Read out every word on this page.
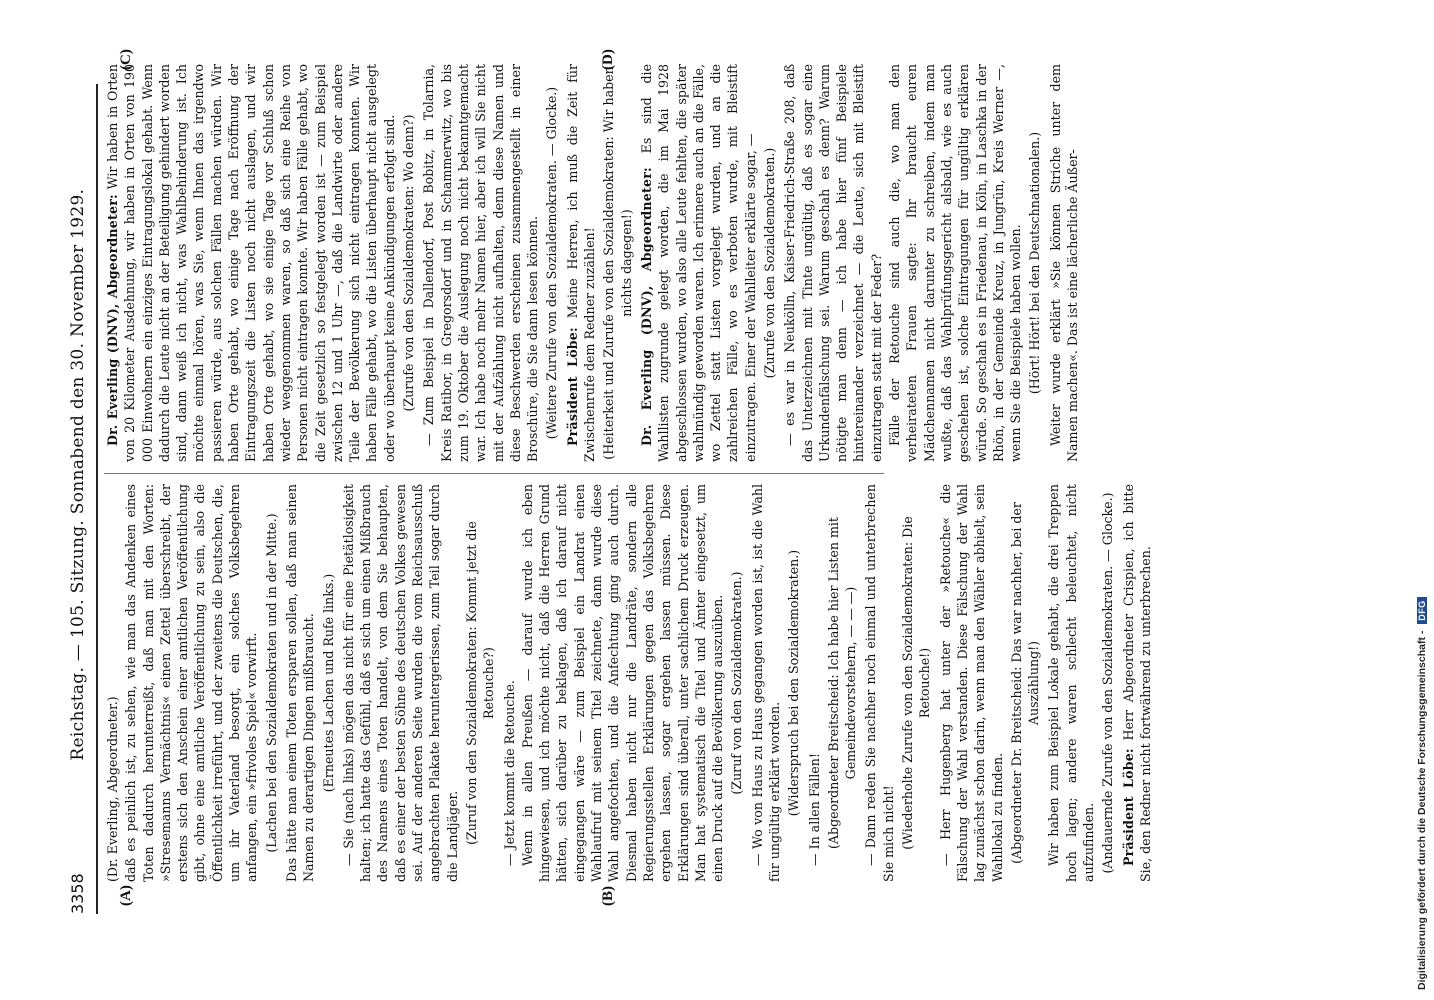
3358
Reichstag. — 105. Sitzung. Sonnabend den 30. November 1929.
(A)	(B)
(C)	(D)

(Dr. Everling, Abgeordneter.) daß es peinlich ist, zu sehen, wie man das Andenken eines Toten dadurch herunterreißt, daß man mit den Worten: »Stresemanns Vermächtnis« einen Zettel überschreibt, der erstens sich den Anschein einer amtlichen Veröffentlichung gibt, ohne eine amtliche Veröffentlichung zu sein, also die Öffentlichkeit irreführt, und der zweitens die Deutschen, die, um ihr Vaterland besorgt, ein solches Volksbegehren anfangen, ein »frivoles Spiel« vorwirft. (Lachen bei den Sozialdemokraten und in der Mitte.) Das hätte man einem Toten ersparen sollen, daß man seinen Namen zu derartigen Dingen mißbraucht. (Erneutes Lachen und Rufe links.) — Sie (nach links) mögen das nicht für eine Pietätlosigkeit halten; ich hatte das Gefühl, daß es sich um einen Mißbrauch des Namens eines Toten handelt, von dem Sie behaupten, daß es einer der besten Söhne des deutschen Volkes gewesen sei. Auf der anderen Seite wurden die vom Reichsausschuß angebrachten Plakate heruntergerissen, zum Teil sogar durch die Landjäger. (Zuruf von den Sozialdemokraten: Kommt jetzt die Retouche?) — Jetzt kommt die Retouche. Wenn in allen Preußen — darauf wurde ich eben hingewiesen, und ich möchte nicht, daß die Herren Grund hätten, sich darüber zu beklagen, daß ich darauf nicht eingegangen wäre — zum Beispiel ein Landrat einen Wahlaufruf mit seinem Titel zeichnete, dann wurde diese Wahl angefochten, und die Anfechtung ging auch durch. Diesmal haben nicht nur die Landräte, sondern alle Regierungsstellen Erklärungen gegen das Volksbegehren ergehen lassen, sogar ergehen lassen müssen. Diese Erklärungen sind überall, unter sachlichem Druck erzeugen. Man hat systematisch die Titel und Ämter eingesetzt, um einen Druck auf die Bevölkerung auszuüben. (Zuruf von den Sozialdemokraten.) — Wo von Haus zu Haus gegangen worden ist, ist die Wahl für ungültig erklärt worden. (Widerspruch bei den Sozialdemokraten.) — In allen Fällen! (Abgeordneter Breitscheid: Ich habe hier Listen mit Gemeindevorstehern, — — —) — Dann reden Sie nachher noch einmal und unterbrechen Sie mich nicht! (Wiederholte Zurufe von den Sozialdemokraten: Die Retouche!) — Herr Hugenberg hat unter der »Retouche« die Fälschung der Wahl verstanden. Diese Fälschung der Wahl lag zunächst schon darin, wenn man den Wähler abhielt, sein Wahllokal zu finden. (Abgeordneter Dr. Breitscheid: Das war nachher, bei der Auszählung!) Wir haben zum Beispiel Lokale gehabt, die drei Treppen hoch lagen; andere waren schlecht beleuchtet, nicht aufzufinden. (Andauernde Zurufe von den Sozialdemokraten. — Glocke.) Präsident Löbe: Herr Abgeordneter Crispien, ich bitte Sie, den Redner nicht fortwährend zu unterbrechen.

Dr. Everling (DNV), Abgeordneter: Wir haben in Orten von 20 Kilometer Ausdehnung, wir haben in Orten von 190 000 Einwohnern ein einziges Eintragungslokal gehabt. Wenn dadurch die Leute nicht an der Beteiligung gehindert worden sind, dann weiß ich nicht, was Wahlbehinderung ist. Ich möchte einmal hören, was Sie, wenn Ihnen das irgendwo passieren würde, aus solchen Fällen machen würden. Wir haben Orte gehabt, wo einige Tage nach Eröffnung der Eintragungszeit die Listen noch nicht auslagen, und wir haben Orte gehabt, wo sie einige Tage vor Schluß schon wieder weggenommen waren, so daß sich eine Reihe von Personen nicht eintragen konnte. Wir haben Fälle gehabt, wo die Zeit gesetzlich so festgelegt worden ist — zum Beispiel zwischen 12 und 1 Uhr —, daß die Landwirte oder andere Teile der Bevölkerung sich nicht eintragen konnten. Wir haben Fälle gehabt, wo die Listen überhaupt nicht ausgelegt oder wo überhaupt keine Ankündigungen erfolgt sind. (Zurufe von den Sozialdemokraten: Wo denn?) — Zum Beispiel in Dallendorf, Post Bobitz, in Tolarnia, Kreis Ratibor, in Gregorsdorf und in Schammerwitz, wo bis zum 19. Oktober die Auslegung noch nicht bekanntgemacht war. Ich habe noch mehr Namen hier, aber ich will Sie nicht mit der Aufzählung nicht aufhalten, denn diese Namen und diese Beschwerden erscheinen zusammengestellt in einer Broschüre, die Sie dann lesen können. (Weitere Zurufe von den Sozialdemokraten. — Glocke.) Präsident Löbe: Meine Herren, ich muß die Zeit für Zwischenrufe dem Redner zuzählen! (Heiterkeit und Zurufe von den Sozialdemokraten: Wir haben nichts dagegen!) Dr. Everling (DNV), Abgeordneter: Es sind die Wahllisten zugrunde gelegt worden, die im Mai 1928 abgeschlossen wurden, wo also alle Leute fehlten, die später wahlmündig geworden waren. Ich erinnere auch an die Fälle, wo Zettel statt Listen vorgelegt wurden, und an die zahlreichen Fälle, wo es verboten wurde, mit Bleistift einzutragen. Einer der Wahlleiter erklärte sogar, — (Zurufe von den Sozialdemokraten.) — es war in Neukölln, Kaiser-Friedrich-Straße 208, daß das Unterzeichnen mit Tinte ungültig, daß es sogar eine Urkundenfälschung sei. Warum geschah es denn? Warum nötigte man denn — ich habe hier fünf Beispiele hintereinander verzeichnet — die Leute, sich mit Bleistift einzutragen statt mit der Feder? Fälle der Retouche sind auch die, wo man den verheirateten Frauen sagte: Ihr braucht euren Mädchennamen nicht darunter zu schreiben, indem man wußte, daß das Wahlprüfungsgericht alsbald, wie es auch geschehen ist, solche Eintragungen für ungültig erklären würde. So geschah es in Friedenau, in Köln, in Laschka in der Rhön, in der Gemeinde Kreuz, in Jungrün, Kreis Werner —, wenn Sie die Beispiele haben wollen. (Hört! Hört! bei den Deutschnationalen.) Weiter wurde erklärt »Sie können Striche unter dem Namen machen«. Das ist eine lächerliche Äußer-

Digitalisierung gefördert durch die Deutsche Forschungsgemeinschaft - DFG
